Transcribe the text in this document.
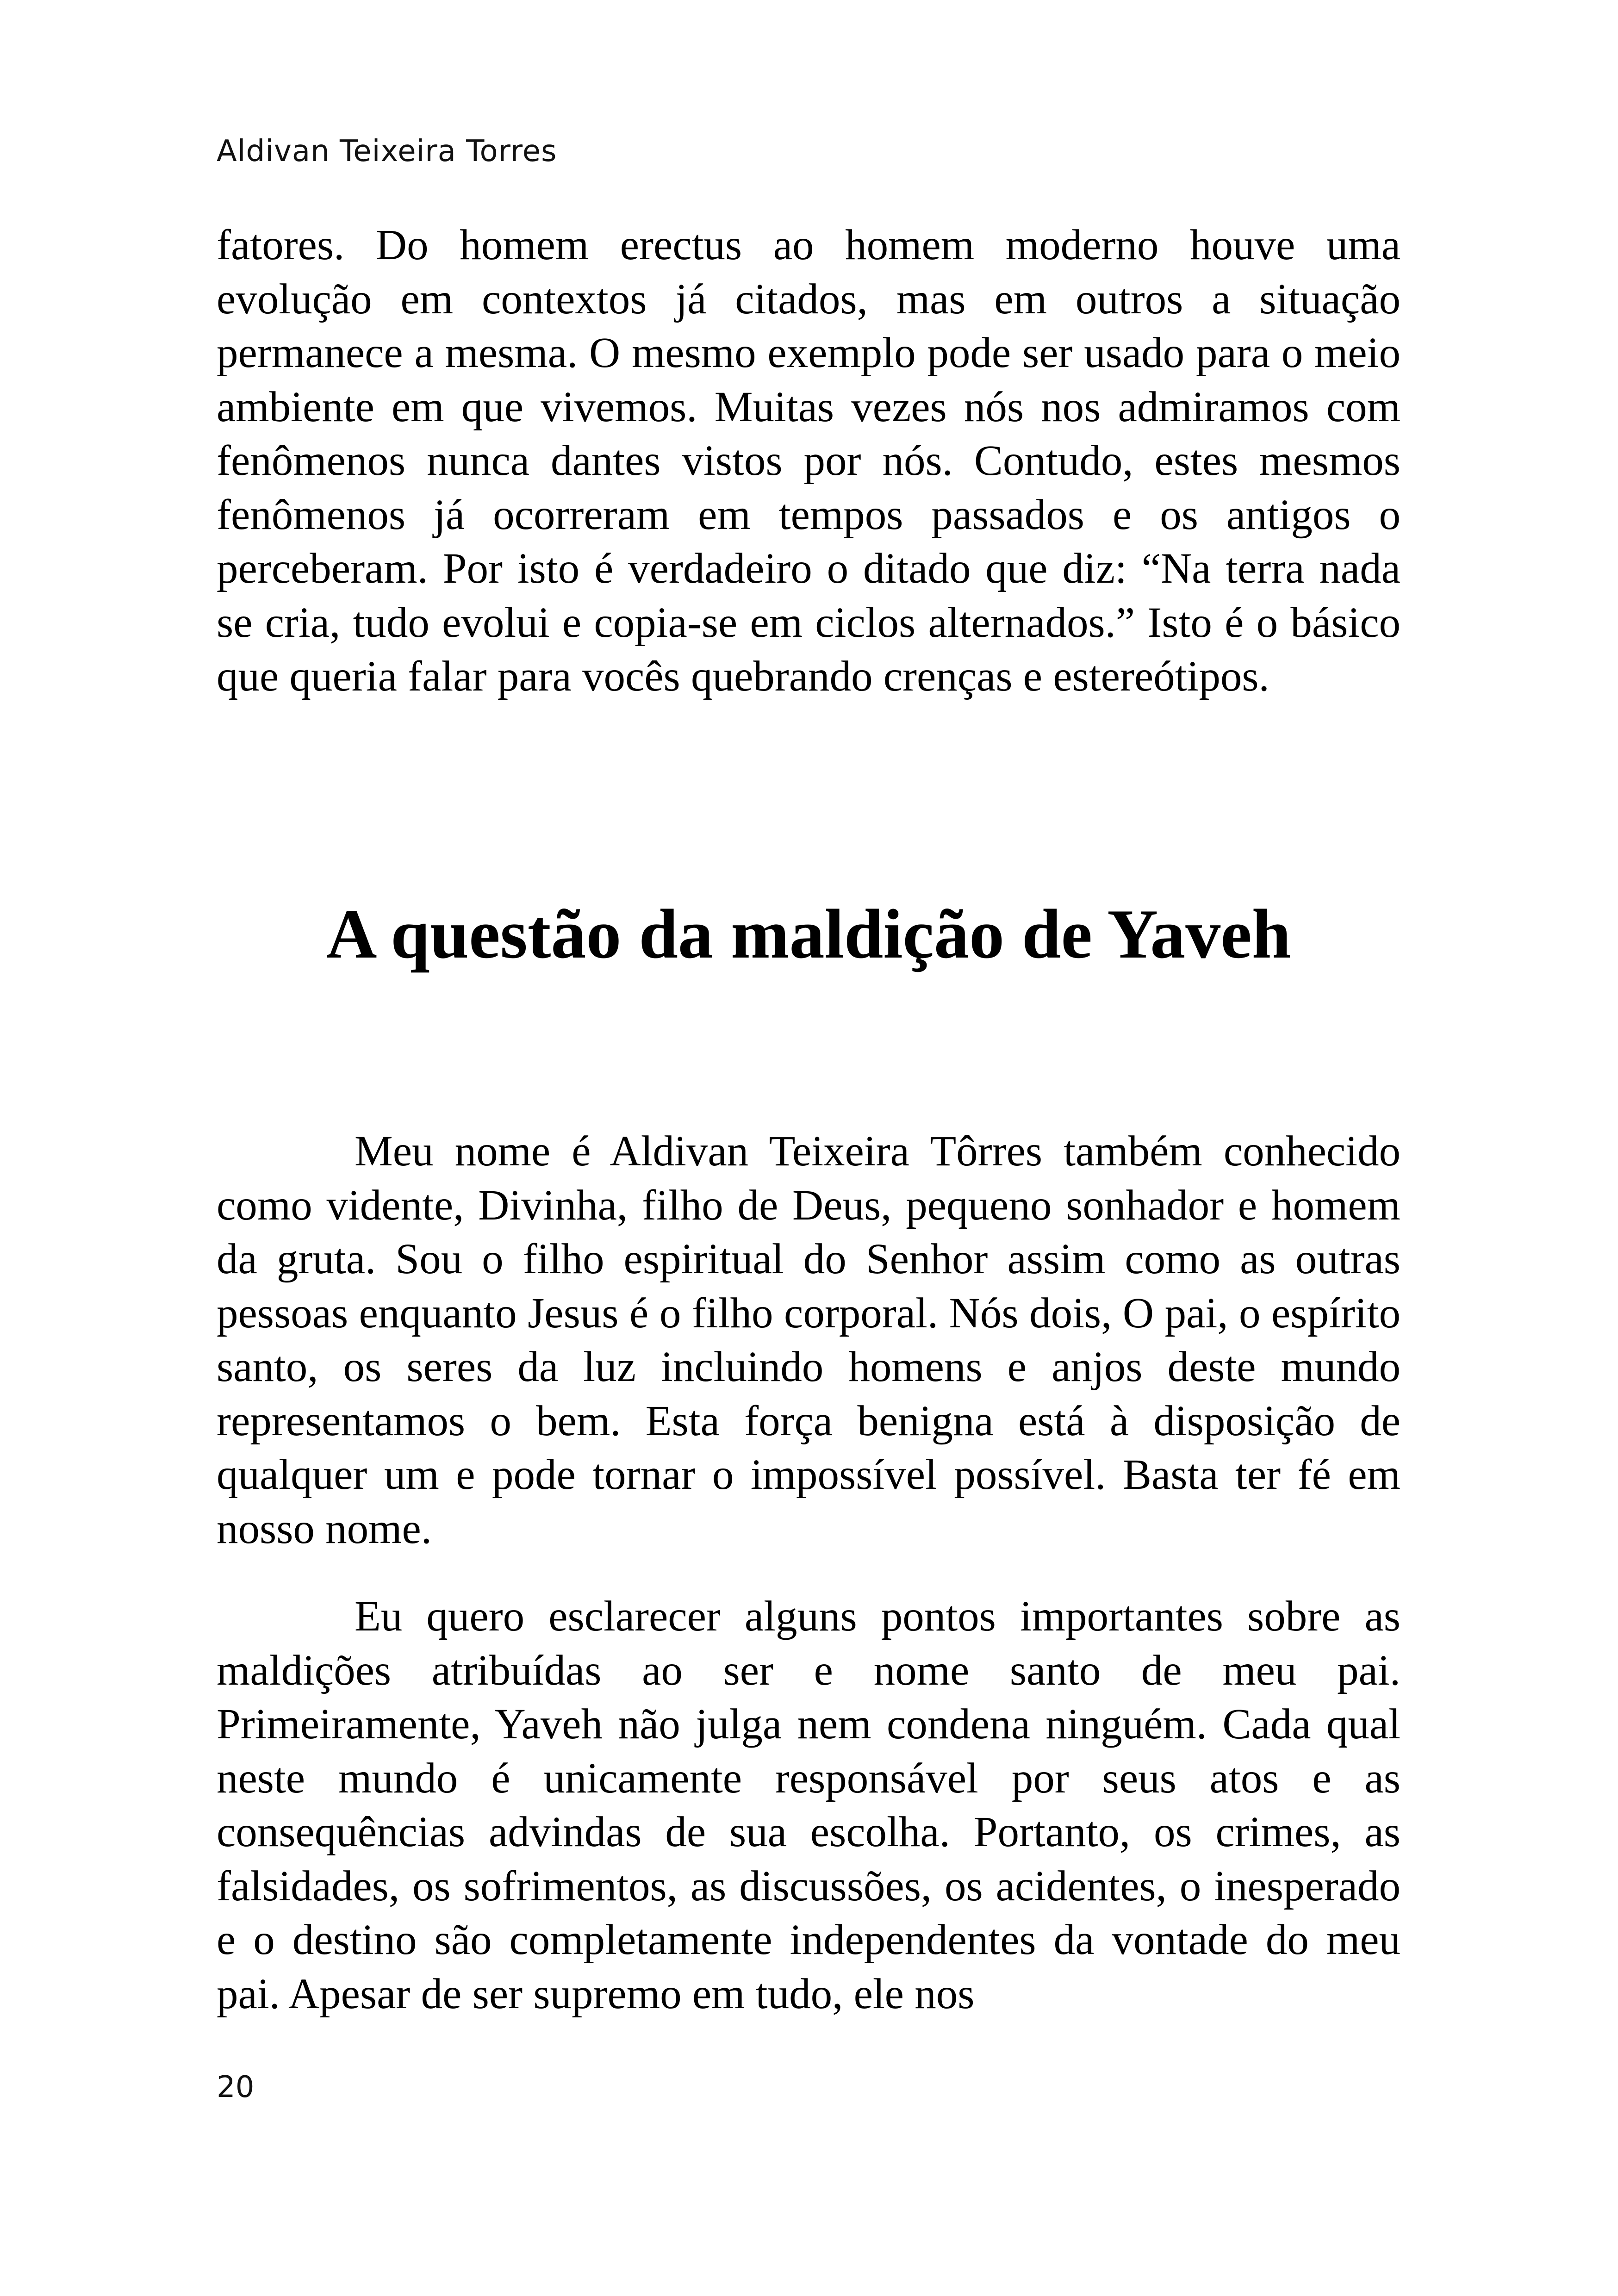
Aldivan Teixeira Torres

fatores. Do homem erectus ao homem moderno houve uma evolução em contextos já citados, mas em outros a situação permanece a mesma. O mesmo exemplo pode ser usado para o meio ambiente em que vivemos. Muitas vezes nós nos admiramos com fenômenos nunca dantes vistos por nós. Contudo, estes mesmos fenômenos já ocorreram em tempos passados e os antigos o perceberam. Por isto é verdadeiro o ditado que diz: “Na terra nada se cria, tudo evolui e copia-se em ciclos alternados.” Isto é o básico que queria falar para vocês quebrando crenças e estereótipos.

A questão da maldição de Yaveh

Meu nome é Aldivan Teixeira Tôrres também conhecido como vidente, Divinha, filho de Deus, pequeno sonhador e homem da gruta. Sou o filho espiritual do Senhor assim como as outras pessoas enquanto Jesus é o filho corporal. Nós dois, O pai, o espírito santo, os seres da luz incluindo homens e anjos deste mundo representamos o bem. Esta força benigna está à disposição de qualquer um e pode tornar o impossível possível. Basta ter fé em nosso nome.

Eu quero esclarecer alguns pontos importantes sobre as maldições atribuídas ao ser e nome santo de meu pai. Primeiramente, Yaveh não julga nem condena ninguém. Cada qual neste mundo é unicamente responsável por seus atos e as consequências advindas de sua escolha. Portanto, os crimes, as falsidades, os sofrimentos, as discussões, os acidentes, o inesperado e o destino são completamente independentes da vontade do meu pai. Apesar de ser supremo em tudo, ele nos

20
